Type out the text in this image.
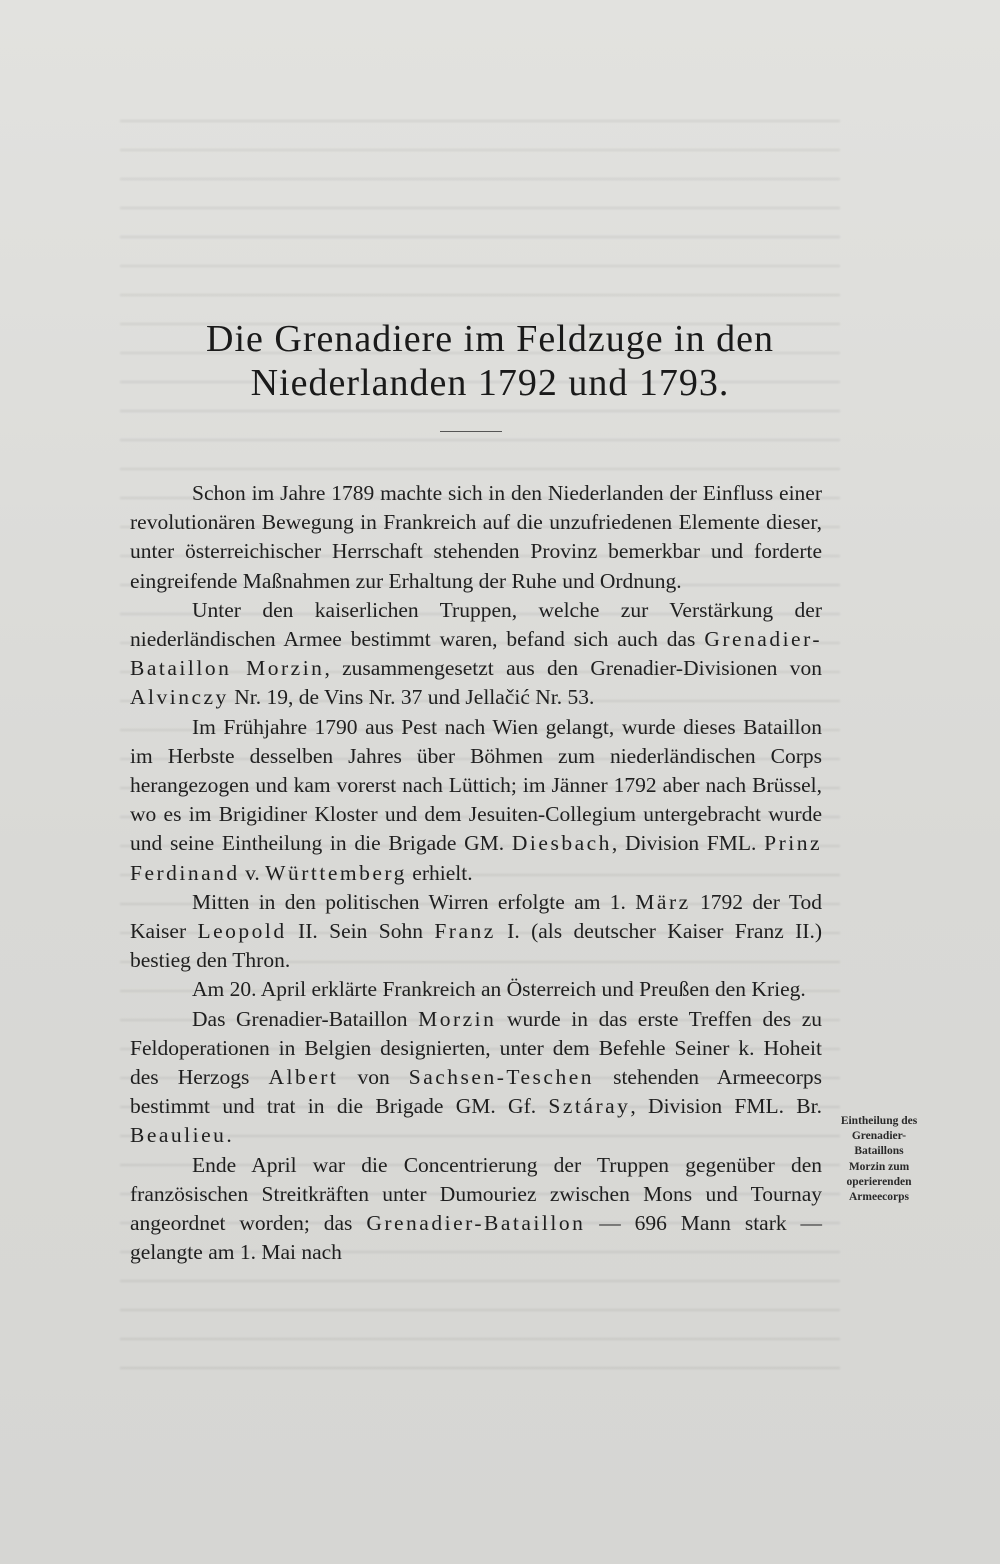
Die Grenadiere im Feldzuge in den
Niederlanden 1792 und 1793.

Schon im Jahre 1789 machte sich in den Niederlanden der Einfluss einer revolutionären Bewegung in Frankreich auf die unzufriedenen Elemente dieser, unter österreichischer Herrschaft stehenden Provinz bemerkbar und forderte eingreifende Maßnahmen zur Erhaltung der Ruhe und Ordnung.

Unter den kaiserlichen Truppen, welche zur Verstärkung der niederländischen Armee bestimmt waren, befand sich auch das Grenadier-Bataillon Morzin, zusammengesetzt aus den Grenadier-Divisionen von Alvinczy Nr. 19, de Vins Nr. 37 und Jellačić Nr. 53.

Im Frühjahre 1790 aus Pest nach Wien gelangt, wurde dieses Bataillon im Herbste desselben Jahres über Böhmen zum niederländischen Corps herangezogen und kam vorerst nach Lüttich; im Jänner 1792 aber nach Brüssel, wo es im Brigidiner Kloster und dem Jesuiten-Collegium untergebracht wurde und seine Eintheilung in die Brigade GM. Diesbach, Division FML. Prinz Ferdinand v. Württemberg erhielt.

Mitten in den politischen Wirren erfolgte am 1. März 1792 der Tod Kaiser Leopold II. Sein Sohn Franz I. (als deutscher Kaiser Franz II.) bestieg den Thron.

Am 20. April erklärte Frankreich an Österreich und Preußen den Krieg.

Das Grenadier-Bataillon Morzin wurde in das erste Treffen des zu Feldoperationen in Belgien designierten, unter dem Befehle Seiner k. Hoheit des Herzogs Albert von Sachsen-Teschen stehenden Armeecorps bestimmt und trat in die Brigade GM. Gf. Sztáray, Division FML. Br. Beaulieu.

Ende April war die Concentrierung der Truppen gegenüber den französischen Streitkräften unter Dumouriez zwischen Mons und Tournay angeordnet worden; das Grenadier-Bataillon — 696 Mann stark — gelangte am 1. Mai nach

Eintheilung des
Grenadier-
Bataillons
Morzin zum
operierenden
Armeecorps
